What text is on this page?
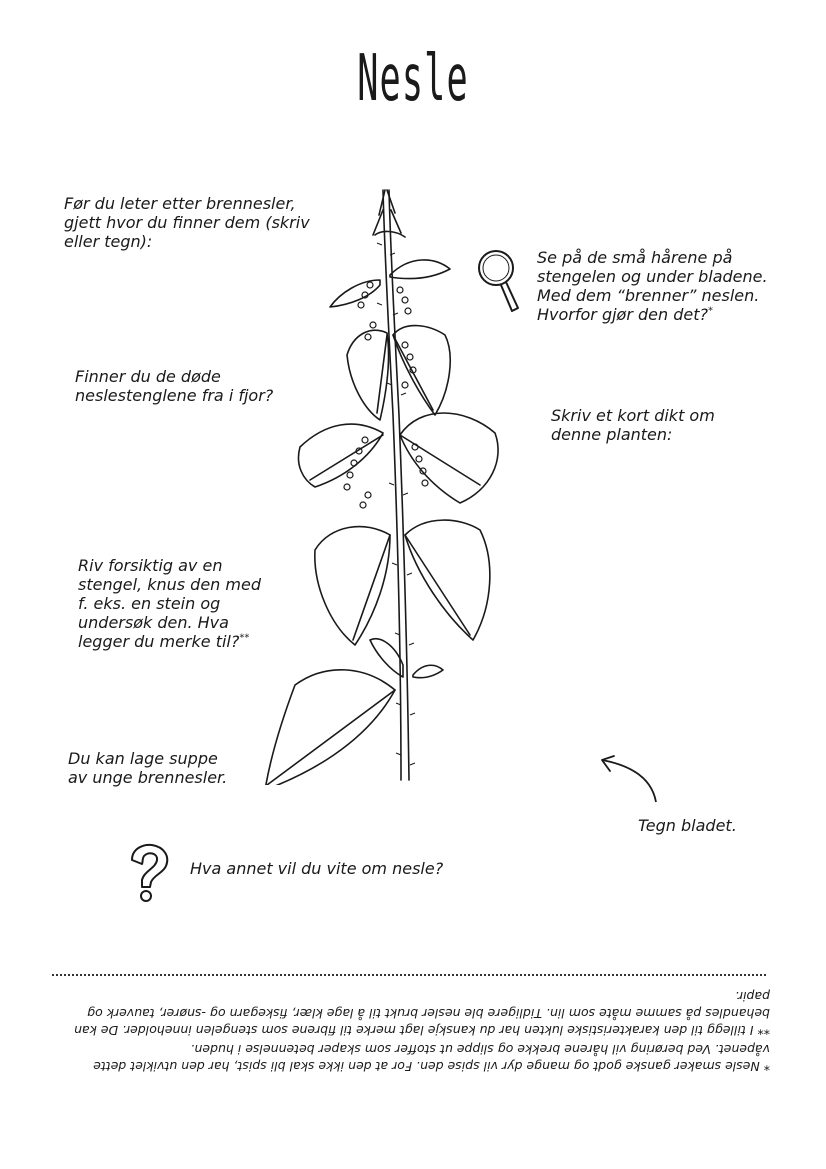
Nesle

Før du leter etter brennesler,
gjett hvor du finner dem (skriv
eller tegn):

Se på de små hårene på
stengelen og under bladene.
Med dem “brenner” neslen.
Hvorfor gjør den det?*

Finner du de døde
neslestenglene fra i fjor?

Skriv et kort dikt om
denne planten:

Riv forsiktig av en
stengel, knus den med
f. eks. en stein og
undersøk den. Hva
legger du merke til?**

Du kan lage suppe
av unge brennesler.

Tegn bladet.

Hva annet vil du vite om nesle?

* Nesle smaker ganske godt og mange dyr vil spise den. For at den ikke skal bli spist, har den utviklet dette våpenet. Ved berøring vil hårene brekke og slippe ut stoffer som skaper betennelse i huden.

** I tillegg til den karakteristiske lukten har du kanskje lagt merke til fibrene som stengelen inneholder. De kan behandles på samme måte som lin. Tidligere ble nesler brukt til å lage klær, fiskegarn og -snører, tauverk og papir.
